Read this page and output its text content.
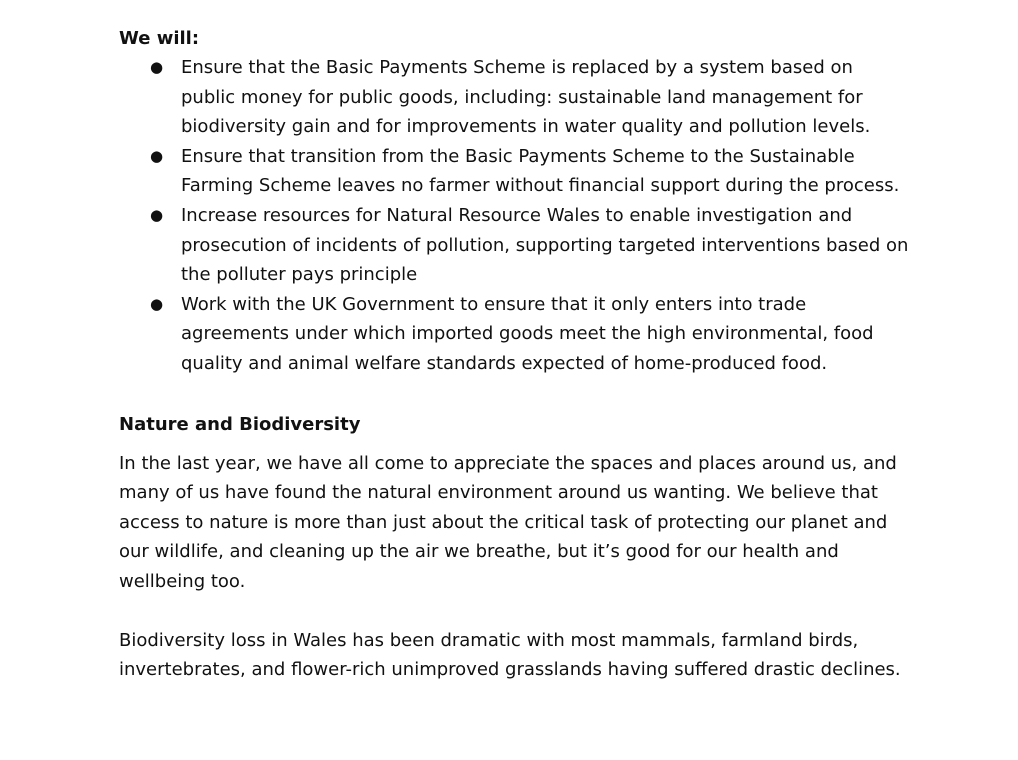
We will:

● Ensure that the Basic Payments Scheme is replaced by a system based on public money for public goods, including: sustainable land management for biodiversity gain and for improvements in water quality and pollution levels.
● Ensure that transition from the Basic Payments Scheme to the Sustainable Farming Scheme leaves no farmer without financial support during the process.
● Increase resources for Natural Resource Wales to enable investigation and prosecution of incidents of pollution, supporting targeted interventions based on the polluter pays principle
● Work with the UK Government to ensure that it only enters into trade agreements under which imported goods meet the high environmental, food quality and animal welfare standards expected of home-produced food.
Nature and Biodiversity

In the last year, we have all come to appreciate the spaces and places around us, and many of us have found the natural environment around us wanting. We believe that access to nature is more than just about the critical task of protecting our planet and our wildlife, and cleaning up the air we breathe, but it’s good for our health and wellbeing too.

Biodiversity loss in Wales has been dramatic with most mammals, farmland birds, invertebrates, and flower-rich unimproved grasslands having suffered drastic declines.
